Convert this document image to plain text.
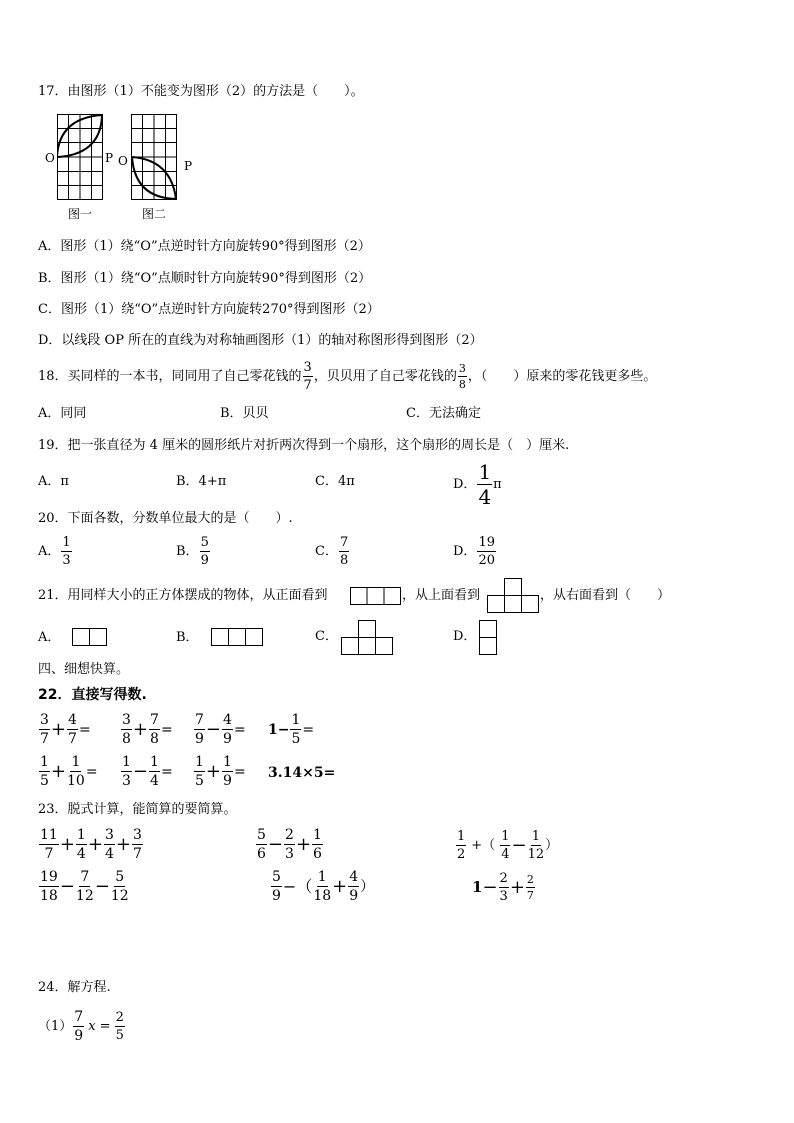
17．由图形（1）不能变为图形（2）的方法是（　　）。
O	P
图一
O	P
图二
A．图形（1）绕“O”点逆时针方向旋转90°得到图形（2）
B．图形（1）绕“O”点顺时针方向旋转90°得到图形（2）
C．图形（1）绕“O”点逆时针方向旋转270°得到图形（2）
D．以线段 OP 所在的直线为对称轴画图形（1）的轴对称图形得到图形（2）
18．买同样的一本书，同同用了自己零花钱的 $\frac{3}{7}$ ，贝贝用了自己零花钱的 $\frac{3}{8}$ ，（　　）原来的零花钱更多些。
A．同同	B．贝贝	C．无法确定
19．把一张直径为 4 厘米的圆形纸片对折两次得到一个扇形，这个扇形的周长是（　）厘米.
A．π	B．4+π	C．4π	D． $\frac{1}{4}$ π
20．下面各数，分数单位最大的是（　　）.
A． $\frac{1}{3}$	B． $\frac{5}{9}$	C． $\frac{7}{8}$	D． $\frac{19}{20}$
21．用同样大小的正方体摆成的物体，从正面看到	，从上面看到	，从右面看到（　　）
A．	B．	C．	D．
四、细想快算。
22．直接写得数.
$\frac{3}{7} + \frac{4}{7} = \frac{3}{8} + \frac{7}{8} = \frac{7}{9} - \frac{4}{9} = 1- \frac{1}{5}$ =
$\frac{1}{5} + \frac{1}{10} = \frac{1}{3} - \frac{1}{4} = \frac{1}{5} + \frac{1}{9} = 3.14\times 5=$
23．脱式计算，能简算的要简算。
$\frac{11}{7} + \frac{1}{4} + \frac{3}{4} + \frac{3}{7}$	$\frac{5}{6} - \frac{2}{3} + \frac{1}{6}$	$\frac{1}{2}$ +（ $\frac{1}{4} - \frac{1}{12}$ ）
$\frac{19}{18} - \frac{7}{12} - \frac{5}{12}$	$\frac{5}{9}$ −（ $\frac{1}{18} + \frac{4}{9}$ ）	$1 - \frac{2}{3} + \frac{2}{7}$
24．解方程.
$(1) \frac{7}{9}$ $x = \frac{2}{5}$
